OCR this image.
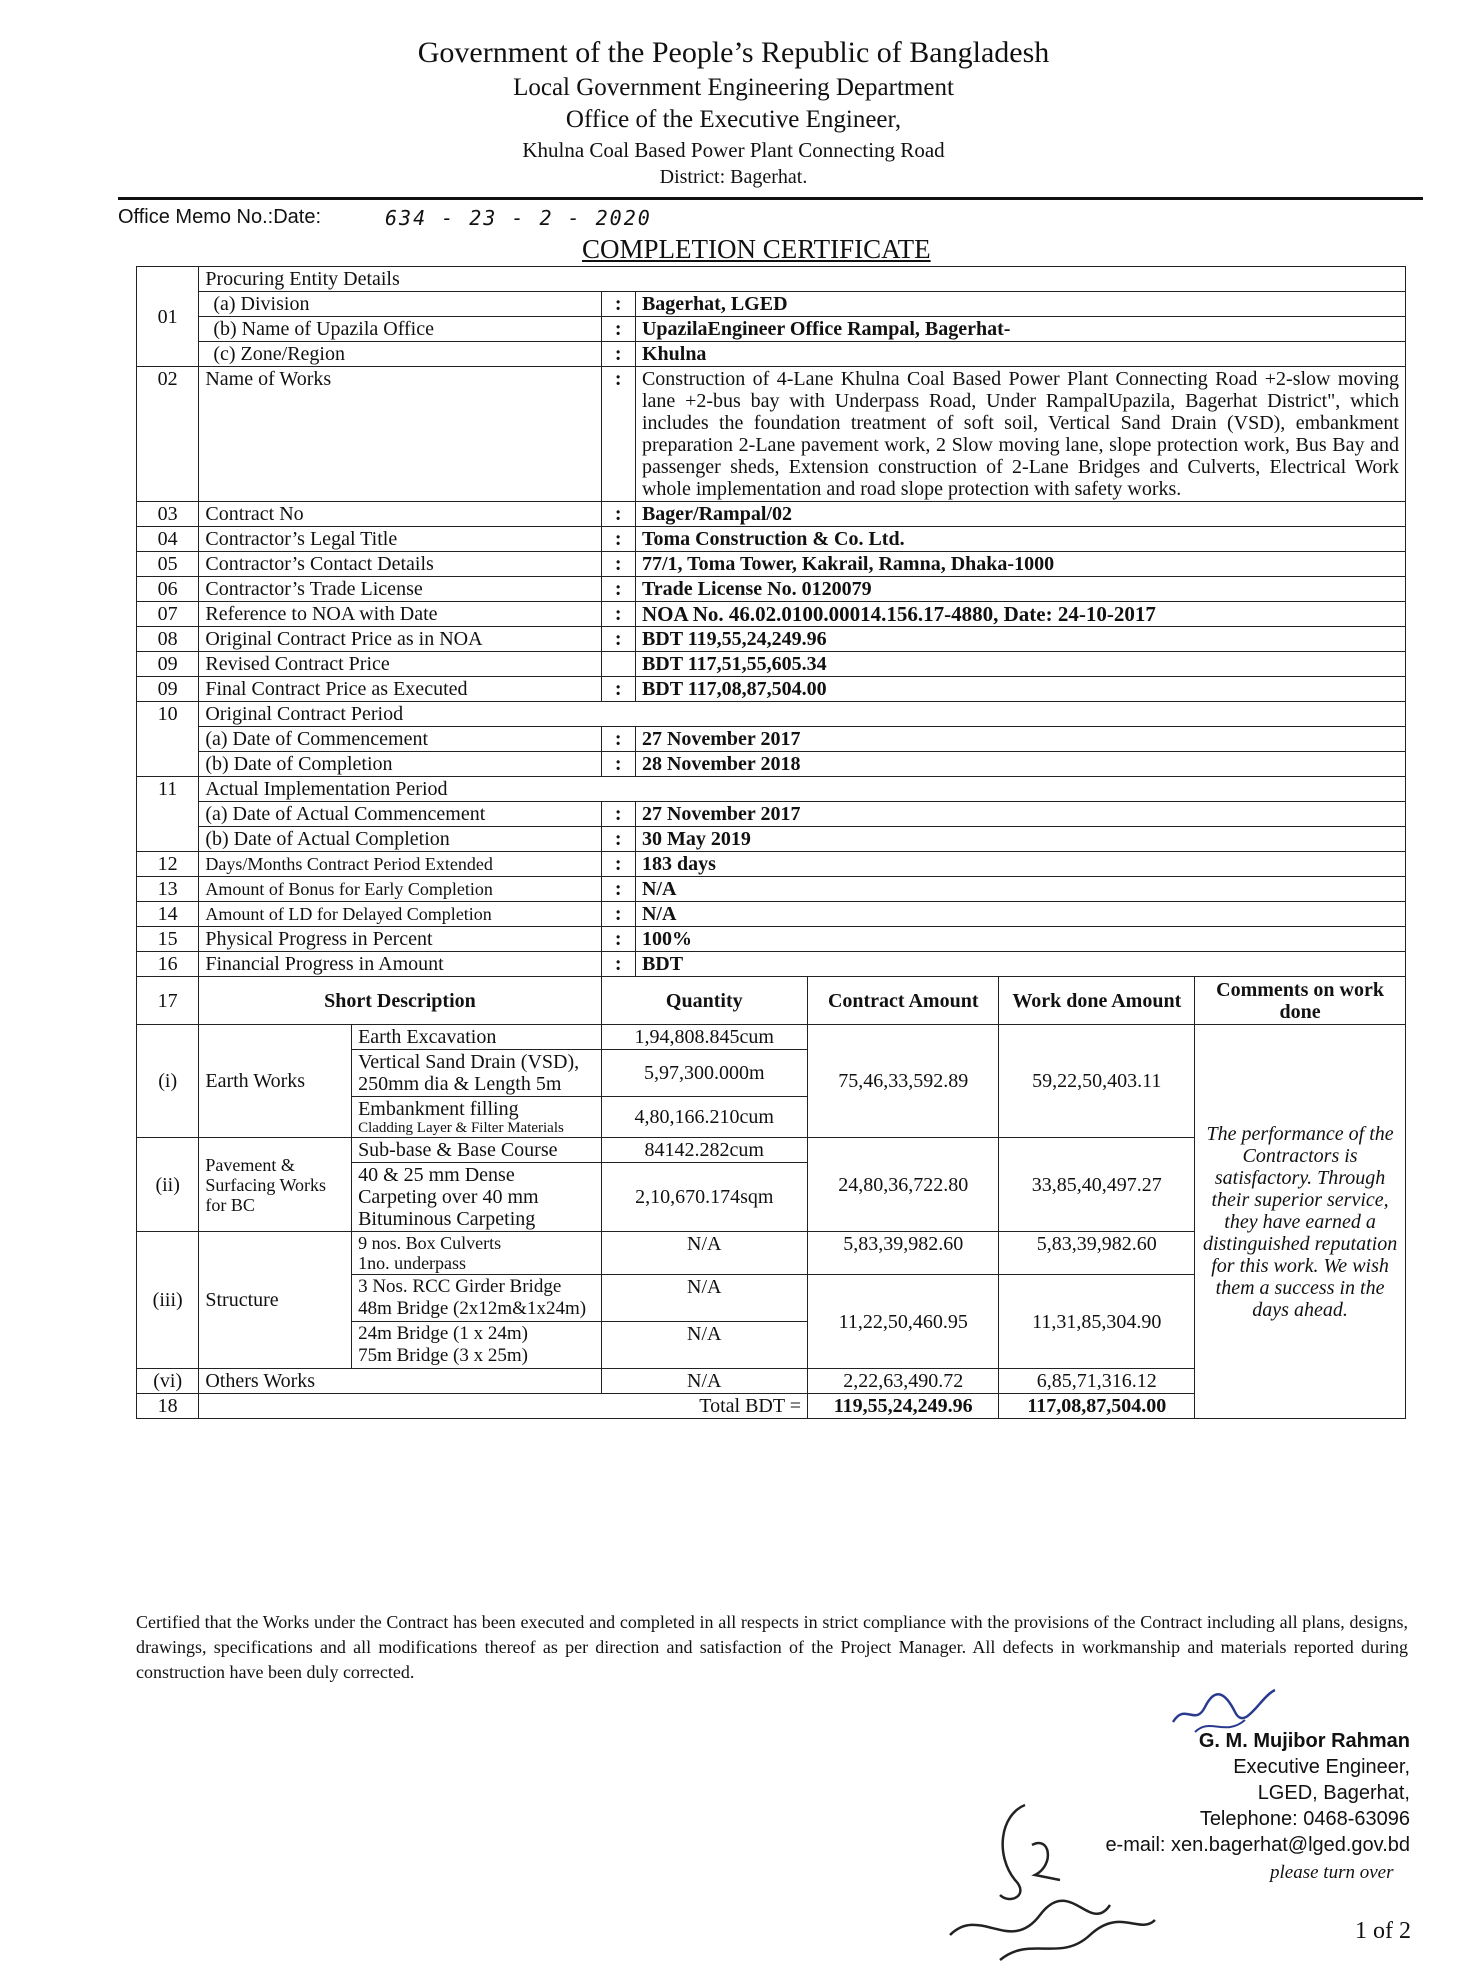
Government of the People’s Republic of Bangladesh
Local Government Engineering Department
Office of the Executive Engineer,
Khulna Coal Based Power Plant Connecting Road
District: Bagerhat.
Office Memo No.:Date:	634 - 23 - 2 - 2020
COMPLETION CERTIFICATE
01	Procuring Entity Details						
	(a) Division		:	Bagerhat, LGED			
	(b) Name of Upazila Office		:	UpazilaEngineer Office Rampal, Bagerhat-			
	(c) Zone/Region		:	Khulna			
02	Name of Works		:	Construction of 4-Lane Khulna Coal Based Power Plant Connecting Road +2-slow moving lane +2-bus bay with Underpass Road, Under RampalUpazila, Bagerhat District", which includes the foundation treatment of soft soil, Vertical Sand Drain (VSD), embankment preparation 2-Lane pavement work, 2 Slow moving lane, slope protection work, Bus Bay and passenger sheds, Extension construction of 2-Lane Bridges and Culverts, Electrical Work whole implementation and road slope protection with safety works.			
03	Contract No		:	Bager/Rampal/02			
04	Contractor’s Legal Title		:	Toma Construction & Co. Ltd.			
05	Contractor’s Contact Details		:	77/1, Toma Tower, Kakrail, Ramna, Dhaka-1000			
06	Contractor’s Trade License		:	Trade License No. 0120079			
07	Reference to NOA with Date		:	NOA No. 46.02.0100.00014.156.17-4880, Date: 24-10-2017			
08	Original Contract Price as in NOA		:	BDT 119,55,24,249.96			
09	Revised Contract Price			BDT 117,51,55,605.34			
09	Final Contract Price as Executed		:	BDT 117,08,87,504.00			
10	Original Contract Period						
	(a) Date of Commencement		:	27 November 2017			
	(b) Date of Completion		:	28 November 2018			
11	Actual Implementation Period						
	(a) Date of Actual Commencement		:	27 November 2017			
	(b) Date of Actual Completion		:	30 May 2019			
12	Days/Months Contract Period Extended		:	183 days			
13	Amount of Bonus for Early Completion		:	N/A			
14	Amount of LD for Delayed Completion		:	N/A			
15	Physical Progress in Percent		:	100%			
16	Financial Progress in Amount		:	BDT			
17	Short Description		Quantity		Contract Amount	Work done Amount	Comments on work done
(i)	Earth Works	Earth Excavation	1,94,808.845cum		75,46,33,592.89	59,22,50,403.11	The performance of the Contractors is satisfactory. Through their superior service, they have earned a distinguished reputation for this work. We wish them a success in the days ahead.
		Vertical Sand Drain (VSD), 250mm dia & Length 5m	5,97,300.000m				
		Embankment filling
Cladding Layer & Filter Materials	4,80,166.210cum				
(ii)	Pavement & Surfacing Works for BC	Sub-base & Base Course	84142.282cum		24,80,36,722.80	33,85,40,497.27	
		40 & 25 mm Dense Carpeting over 40 mm Bituminous Carpeting	2,10,670.174sqm				
(iii)	Structure	9 nos. Box Culverts
1no. underpass	N/A		5,83,39,982.60	5,83,39,982.60	
		3 Nos. RCC Girder Bridge
48m Bridge (2x12m&1x24m)	N/A		11,22,50,460.95	11,31,85,304.90	
		24m Bridge (1 x 24m)
75m Bridge (3 x 25m)	N/A				
(vi)	Others Works		N/A		2,22,63,490.72	6,85,71,316.12	
18	Total BDT =				119,55,24,249.96	117,08,87,504.00	
Certified that the Works under the Contract has been executed and completed in all respects in strict compliance with the provisions of the Contract including all plans, designs, drawings, specifications and all modifications thereof as per direction and satisfaction of the Project Manager. All defects in workmanship and materials reported during construction have been duly corrected.
G. M. Mujibor Rahman
Executive Engineer,
LGED, Bagerhat,
Telephone: 0468-63096
e-mail: xen.bagerhat@lged.gov.bd
please turn over
1 of 2
